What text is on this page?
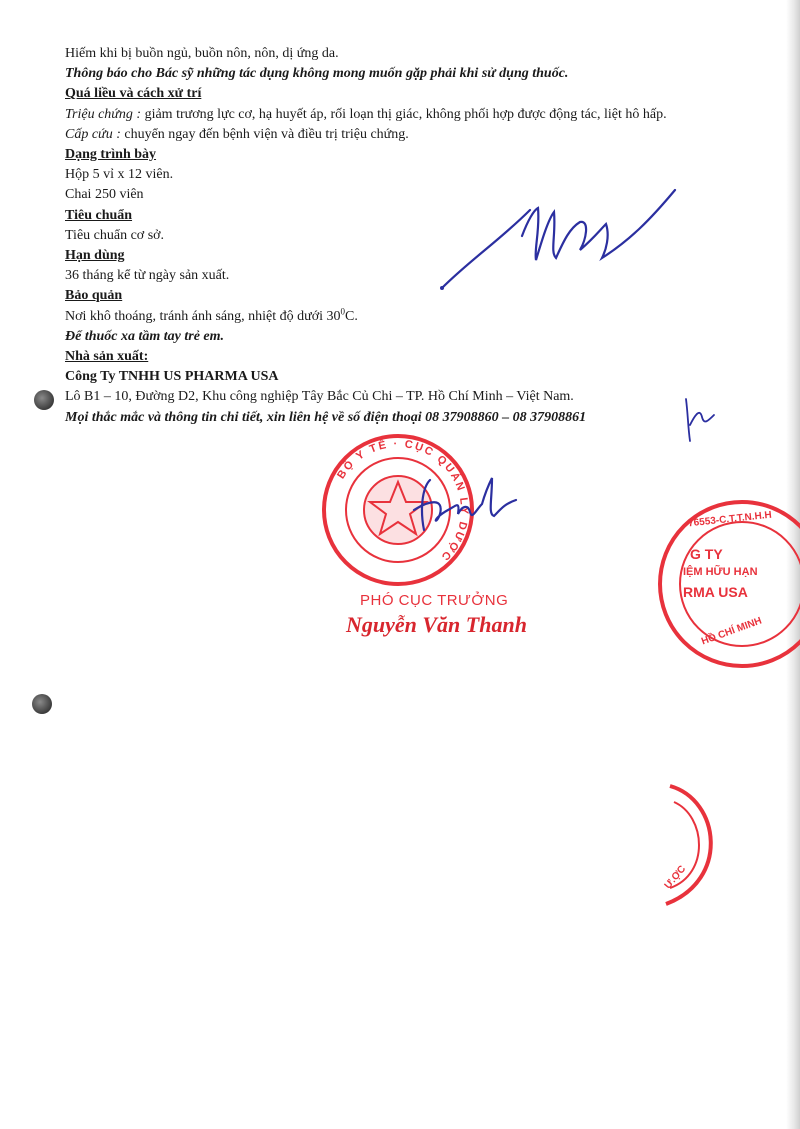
Hiếm khi bị buồn ngủ, buồn nôn, nôn, dị ứng da.

Thông báo cho Bác sỹ những tác dụng không mong muốn gặp phải khi sử dụng thuốc.

Quá liều và cách xử trí

Triệu chứng : giảm trương lực cơ, hạ huyết áp, rối loạn thị giác, không phối hợp được động tác, liệt hô hấp.

Cấp cứu : chuyển ngay đến bệnh viện và điều trị triệu chứng.

Dạng trình bày

Hộp 5 vỉ x 12 viên.

Chai 250 viên

Tiêu chuẩn

Tiêu chuẩn cơ sở.

Hạn dùng

36 tháng kể từ ngày sản xuất.

Bảo quản

Nơi khô thoáng, tránh ánh sáng, nhiệt độ dưới $30^0C$.

Để thuốc xa tầm tay trẻ em.

Nhà sản xuất:

Công Ty TNHH US PHARMA USA

Lô B1 – 10, Đường D2, Khu công nghiệp Tây Bắc Củ Chi – TP. Hồ Chí Minh – Việt Nam.

Mọi thắc mắc và thông tin chi tiết, xin liên hệ về số điện thoại 08 37908860 – 08 37908861

BỘ Y TẾ · CỤC QUẢN LÝ DƯỢC
PHÓ CỤC TRƯỞNG
Nguyễn Văn Thanh
76553-C.T.T.N.H.H
G TY
IỆM HỮU HẠN
RMA USA
HỒ CHÍ MINH
Ư.ỢC
